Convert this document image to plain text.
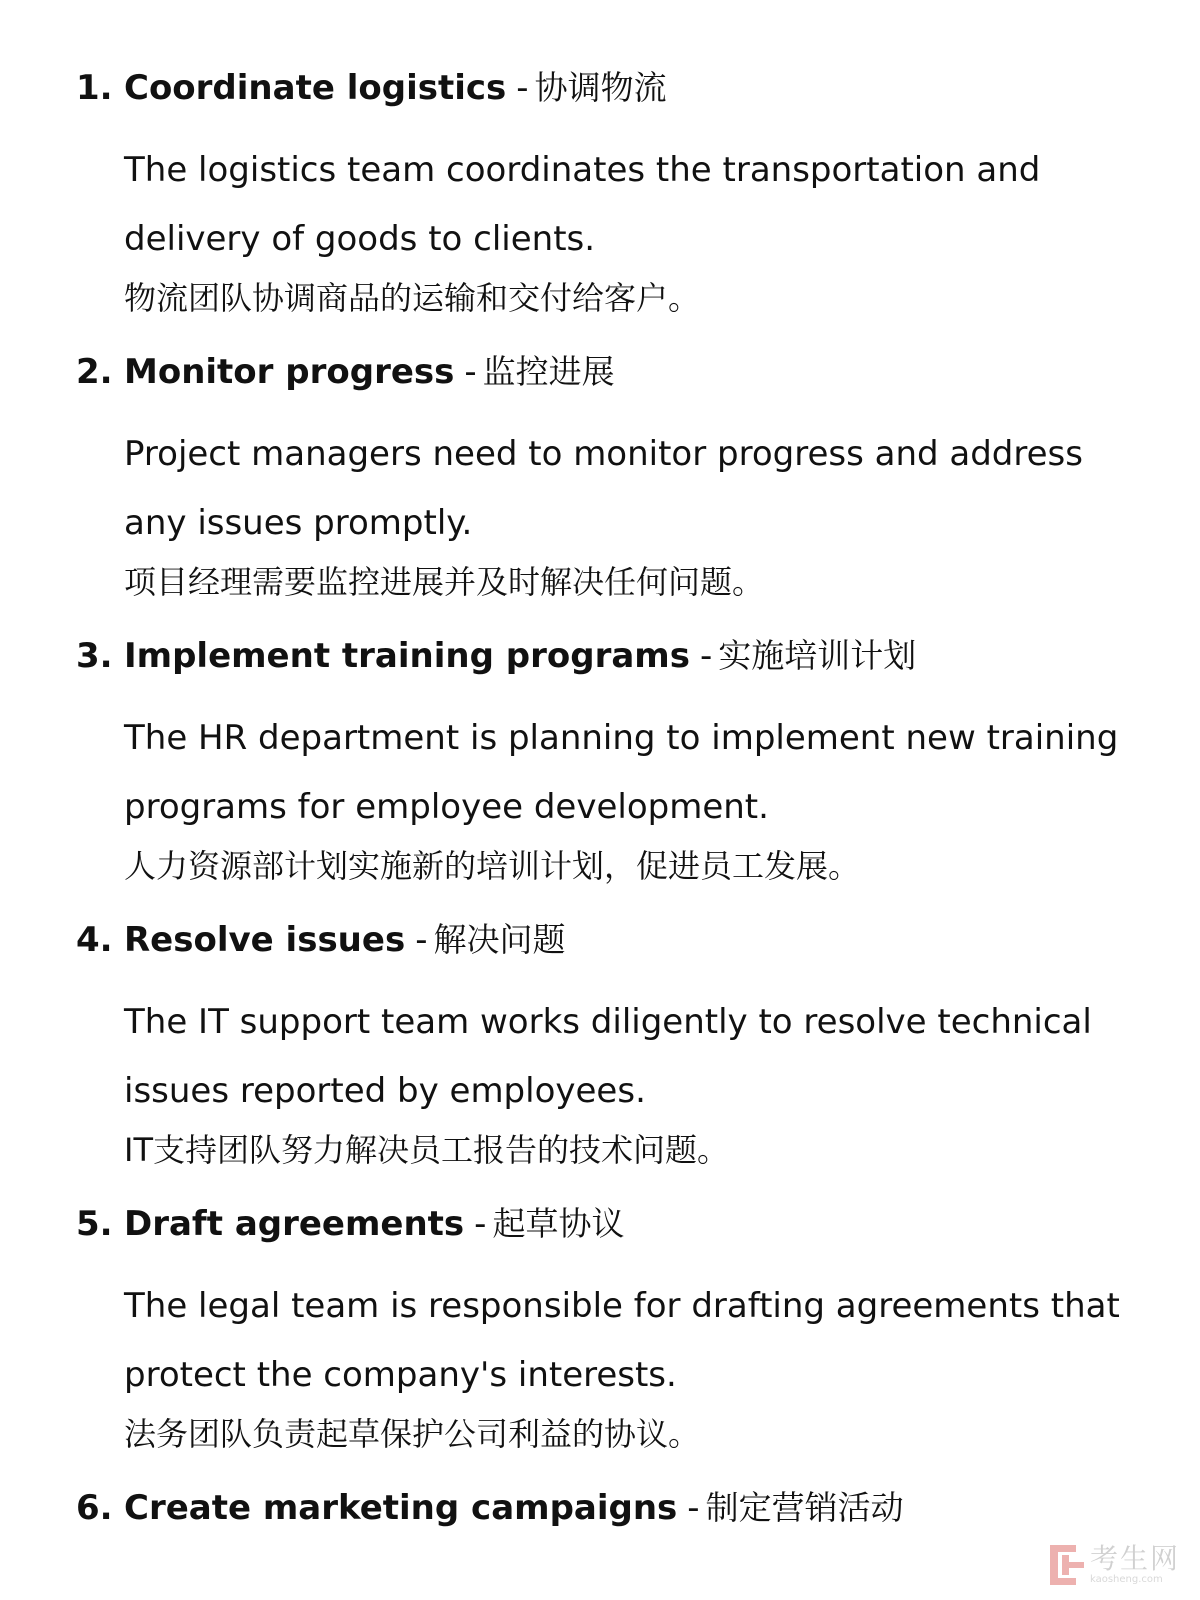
1. Coordinate logistics - 协调物流
The logistics team coordinates the transportation and delivery of goods to clients.
物流团队协调商品的运输和交付给客户。
2. Monitor progress - 监控进展
Project managers need to monitor progress and address any issues promptly.
项目经理需要监控进展并及时解决任何问题。
3. Implement training programs - 实施培训计划
The HR department is planning to implement new training programs for employee development.
人力资源部计划实施新的培训计划，促进员工发展。
4. Resolve issues - 解决问题
The IT support team works diligently to resolve technical issues reported by employees.
IT支持团队努力解决员工报告的技术问题。
5. Draft agreements - 起草协议
The legal team is responsible for drafting agreements that protect the company's interests.
法务团队负责起草保护公司利益的协议。
6. Create marketing campaigns - 制定营销活动
考生网
kaosheng.com
